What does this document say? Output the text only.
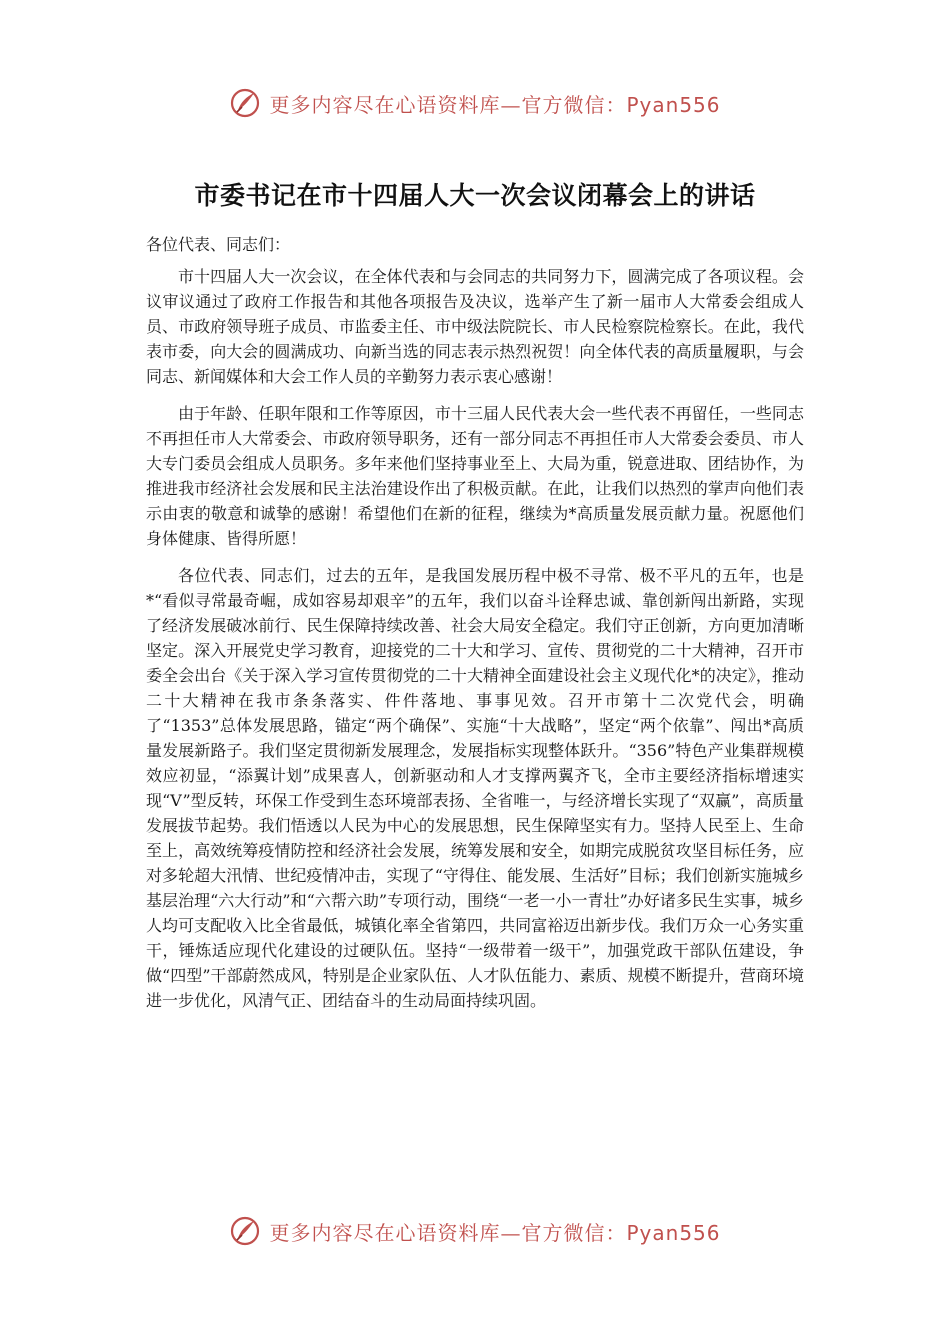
更多内容尽在心语资料库—官方微信：Pyan556
市委书记在市十四届人大一次会议闭幕会上的讲话

各位代表、同志们：

市十四届人大一次会议，在全体代表和与会同志的共同努力下，圆满完成了各项议程。会议审议通过了政府工作报告和其他各项报告及决议，选举产生了新一届市人大常委会组成人员、市政府领导班子成员、市监委主任、市中级法院院长、市人民检察院检察长。在此，我代表市委，向大会的圆满成功、向新当选的同志表示热烈祝贺！向全体代表的高质量履职，与会同志、新闻媒体和大会工作人员的辛勤努力表示衷心感谢！

由于年龄、任职年限和工作等原因，市十三届人民代表大会一些代表不再留任，一些同志不再担任市人大常委会、市政府领导职务，还有一部分同志不再担任市人大常委会委员、市人大专门委员会组成人员职务。多年来他们坚持事业至上、大局为重，锐意进取、团结协作，为推进我市经济社会发展和民主法治建设作出了积极贡献。在此，让我们以热烈的掌声向他们表示由衷的敬意和诚挚的感谢！希望他们在新的征程，继续为*高质量发展贡献力量。祝愿他们身体健康、皆得所愿！

各位代表、同志们，过去的五年，是我国发展历程中极不寻常、极不平凡的五年，也是*“看似寻常最奇崛，成如容易却艰辛”的五年，我们以奋斗诠释忠诚、靠创新闯出新路，实现了经济发展破冰前行、民生保障持续改善、社会大局安全稳定。我们守正创新，方向更加清晰坚定。深入开展党史学习教育，迎接党的二十大和学习、宣传、贯彻党的二十大精神，召开市委全会出台《关于深入学习宣传贯彻党的二十大精神全面建设社会主义现代化*的决定》，推动二十大精神在我市条条落实、件件落地、事事见效。召开市第十二次党代会，明确了“1353”总体发展思路，锚定“两个确保”、实施“十大战略”，坚定“两个依靠”、闯出*高质量发展新路子。我们坚定贯彻新发展理念，发展指标实现整体跃升。“356”特色产业集群规模效应初显，“添翼计划”成果喜人，创新驱动和人才支撑两翼齐飞，全市主要经济指标增速实现“V”型反转，环保工作受到生态环境部表扬、全省唯一，与经济增长实现了“双赢”，高质量发展拔节起势。我们悟透以人民为中心的发展思想，民生保障坚实有力。坚持人民至上、生命至上，高效统筹疫情防控和经济社会发展，统筹发展和安全，如期完成脱贫攻坚目标任务，应对多轮超大汛情、世纪疫情冲击，实现了“守得住、能发展、生活好”目标；我们创新实施城乡基层治理“六大行动”和“六帮六助”专项行动，围绕“一老一小一青壮”办好诸多民生实事，城乡人均可支配收入比全省最低，城镇化率全省第四，共同富裕迈出新步伐。我们万众一心务实重干，锤炼适应现代化建设的过硬队伍。坚持“一级带着一级干”，加强党政干部队伍建设，争做“四型”干部蔚然成风，特别是企业家队伍、人才队伍能力、素质、规模不断提升，营商环境进一步优化，风清气正、团结奋斗的生动局面持续巩固。

更多内容尽在心语资料库—官方微信：Pyan556
